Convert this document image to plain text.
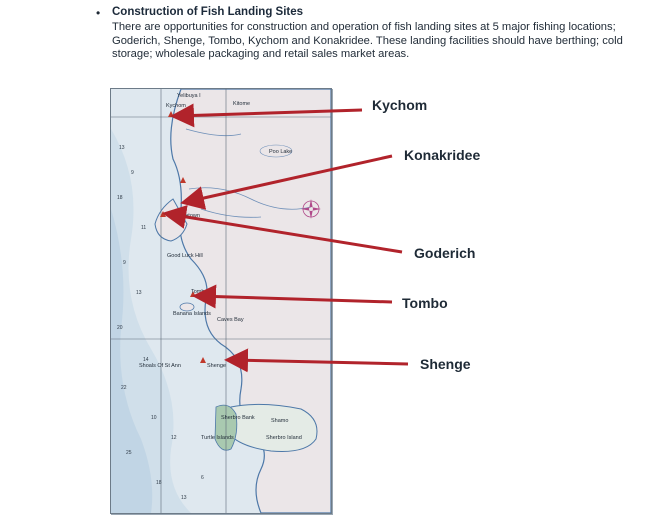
• Construction of Fish Landing Sites
There are opportunities for construction and operation of fish landing sites at 5 major fishing locations; Goderich, Shenge, Tombo, Kychom and Konakridee. These landing facilities should have berthing; cold storage; wholesale packaging and retail sales market areas.
13
9
18
11
9
13
20
14
22
10
25
18
13
6
12
Yelibuya I
Kitome
Kychom
Poo Lake
Freetown
Good Luck Hill
Tombo
Caves Bay
Banana Islands
Shoals Of St Ann	Shenge
Turtle Islands
Sherbro Bank
Sherbro Island
Shamo
Kychom
Konakridee
Goderich
Tombo
Shenge
